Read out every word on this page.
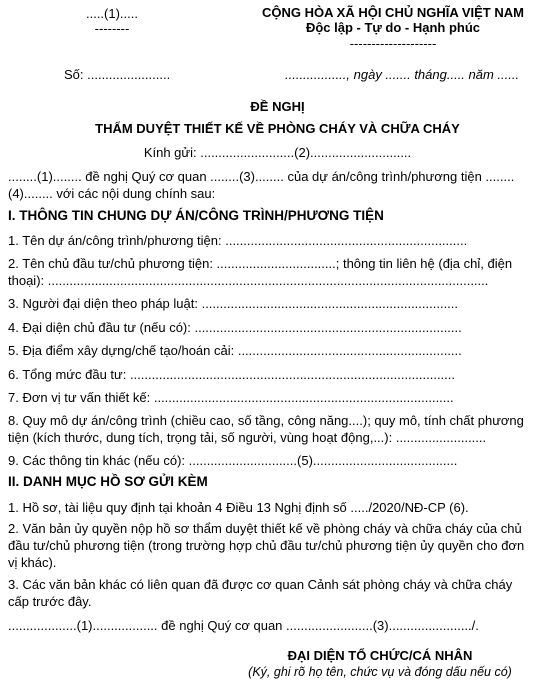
.....(1).....
--------
CỘNG HÒA XÃ HỘI CHỦ NGHĨA VIỆT NAM
Độc lập - Tự do - Hạnh phúc
--------------------
Số: .......................	................., ngày ....... tháng..... năm ......
ĐỀ NGHỊ
THẨM DUYỆT THIẾT KẾ VỀ PHÒNG CHÁY VÀ CHỮA CHÁY
Kính gửi: ..........................(2)............................
........(1)........ đề nghị Quý cơ quan ........(3)........ của dự án/công trình/phương tiện ........ (4)........ với các nội dung chính sau:
I. THÔNG TIN CHUNG DỰ ÁN/CÔNG TRÌNH/PHƯƠNG TIỆN
1. Tên dự án/công trình/phương tiện: ...................................................................
2. Tên chủ đầu tư/chủ phương tiện: .................................; thông tin liên hệ (địa chỉ, điện thoại): ..........................................................................................................................
3. Người đại diện theo pháp luật: .......................................................................
4. Đại diện chủ đầu tư (nếu có): ..........................................................................
5. Địa điểm xây dựng/chế tạo/hoán cải: ..............................................................
6. Tổng mức đầu tư: ..........................................................................................
7. Đơn vị tư vấn thiết kế: ...................................................................................
8. Quy mô dự án/công trình (chiều cao, số tầng, công năng....); quy mô, tính chất phương tiện (kích thước, dung tích, trọng tải, số người, vùng hoạt động,...): .........................
9. Các thông tin khác (nếu có): ..............................(5)........................................
II. DANH MỤC HỒ SƠ GỬI KÈM
1. Hồ sơ, tài liệu quy định tại khoản 4 Điều 13 Nghị định số ...../2020/NĐ-CP (6).
2. Văn bản ủy quyền nộp hồ sơ thẩm duyệt thiết kế về phòng cháy và chữa cháy của chủ đầu tư/chủ phương tiện (trong trường hợp chủ đầu tư/chủ phương tiện ủy quyền cho đơn vị khác).
3. Các văn bản khác có liên quan đã được cơ quan Cảnh sát phòng cháy và chữa cháy cấp trước đây.
...................(1).................. đề nghị Quý cơ quan ........................(3)......................./.
ĐẠI DIỆN TỔ CHỨC/CÁ NHÂN
(Ký, ghi rõ họ tên, chức vụ và đóng dấu nếu có)
